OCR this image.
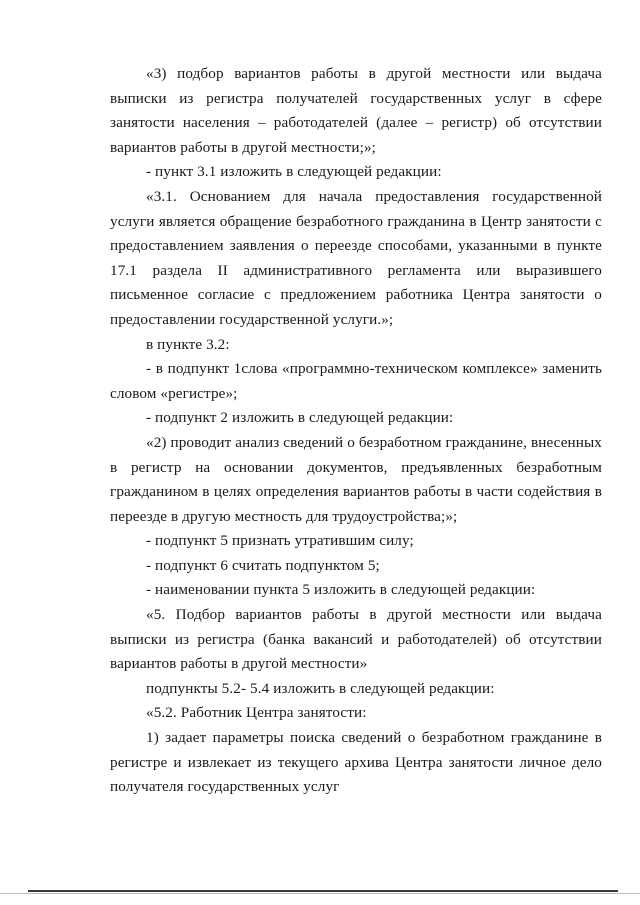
«3) подбор вариантов работы в другой местности или выдача выписки из регистра получателей государственных услуг в сфере занятости населения – работодателей (далее – регистр) об отсутствии вариантов работы в другой местности;»;

- пункт 3.1 изложить в следующей редакции:

«3.1. Основанием для начала предоставления государственной услуги является обращение безработного гражданина в Центр занятости с предоставлением заявления о переезде способами, указанными в пункте 17.1 раздела II административного регламента или выразившего письменное согласие с предложением работника Центра занятости о предоставлении государственной услуги.»;

в пункте 3.2:

- в подпункт 1слова «программно-техническом комплексе» заменить словом «регистре»;

- подпункт 2 изложить в следующей редакции:

«2) проводит анализ сведений о безработном гражданине, внесенных в регистр на основании документов, предъявленных безработным гражданином в целях определения вариантов работы в части содействия в переезде в другую местность для трудоустройства;»;

- подпункт 5 признать утратившим силу;

- подпункт 6 считать подпунктом 5;

- наименовании пункта 5 изложить в следующей редакции:

«5. Подбор вариантов работы в другой местности или выдача выписки из регистра (банка вакансий и работодателей) об отсутствии вариантов работы в другой местности»

подпункты 5.2- 5.4 изложить в следующей редакции:

«5.2. Работник Центра занятости:

1) задает параметры поиска сведений о безработном гражданине в регистре и извлекает из текущего архива Центра занятости личное дело получателя государственных услуг
